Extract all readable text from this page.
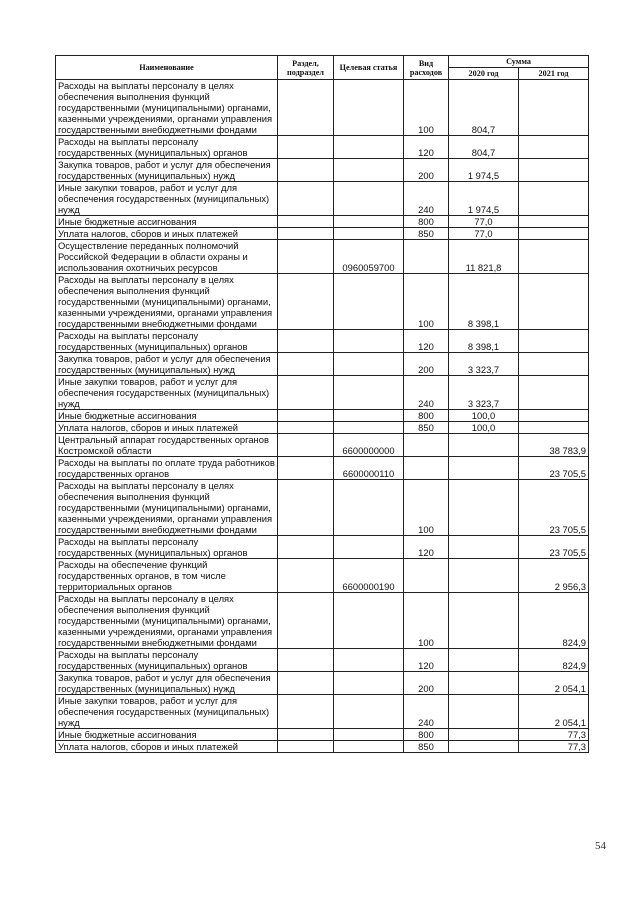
Наименование	Раздел, подраздел	Целевая статья	Вид расходов	Сумма	
				2020 год	2021 год
Расходы на выплаты персоналу в целях обеспечения выполнения функций государственными (муниципальными) органами, казенными учреждениями, органами управления государственными внебюджетными фондами			100	804,7	
Расходы на выплаты персоналу государственных (муниципальных) органов			120	804,7	
Закупка товаров, работ и услуг для обеспечения государственных (муниципальных) нужд			200	1 974,5	
Иные закупки товаров, работ и услуг для обеспечения государственных (муниципальных) нужд			240	1 974,5	
Иные бюджетные ассигнования			800	77,0	
Уплата налогов, сборов и иных платежей			850	77,0	
Осуществление переданных полномочий Российской Федерации в области охраны и использования охотничьих ресурсов		0960059700		11 821,8	
Расходы на выплаты персоналу в целях обеспечения выполнения функций государственными (муниципальными) органами, казенными учреждениями, органами управления государственными внебюджетными фондами			100	8 398,1	
Расходы на выплаты персоналу государственных (муниципальных) органов			120	8 398,1	
Закупка товаров, работ и услуг для обеспечения государственных (муниципальных) нужд			200	3 323,7	
Иные закупки товаров, работ и услуг для обеспечения государственных (муниципальных) нужд			240	3 323,7	
Иные бюджетные ассигнования			800	100,0	
Уплата налогов, сборов и иных платежей			850	100,0	
Центральный аппарат государственных органов Костромской области		6600000000			38 783,9
Расходы на выплаты по оплате труда работников государственных органов		6600000110			23 705,5
Расходы на выплаты персоналу в целях обеспечения выполнения функций государственными (муниципальными) органами, казенными учреждениями, органами управления государственными внебюджетными фондами			100		23 705,5
Расходы на выплаты персоналу государственных (муниципальных) органов			120		23 705,5
Расходы на обеспечение функций государственных органов, в том числе территориальных органов		6600000190			2 956,3
Расходы на выплаты персоналу в целях обеспечения выполнения функций государственными (муниципальными) органами, казенными учреждениями, органами управления государственными внебюджетными фондами			100		824,9
Расходы на выплаты персоналу государственных (муниципальных) органов			120		824,9
Закупка товаров, работ и услуг для обеспечения государственных (муниципальных) нужд			200		2 054,1
Иные закупки товаров, работ и услуг для обеспечения государственных (муниципальных) нужд			240		2 054,1
Иные бюджетные ассигнования			800		77,3
Уплата налогов, сборов и иных платежей			850		77,3
54
